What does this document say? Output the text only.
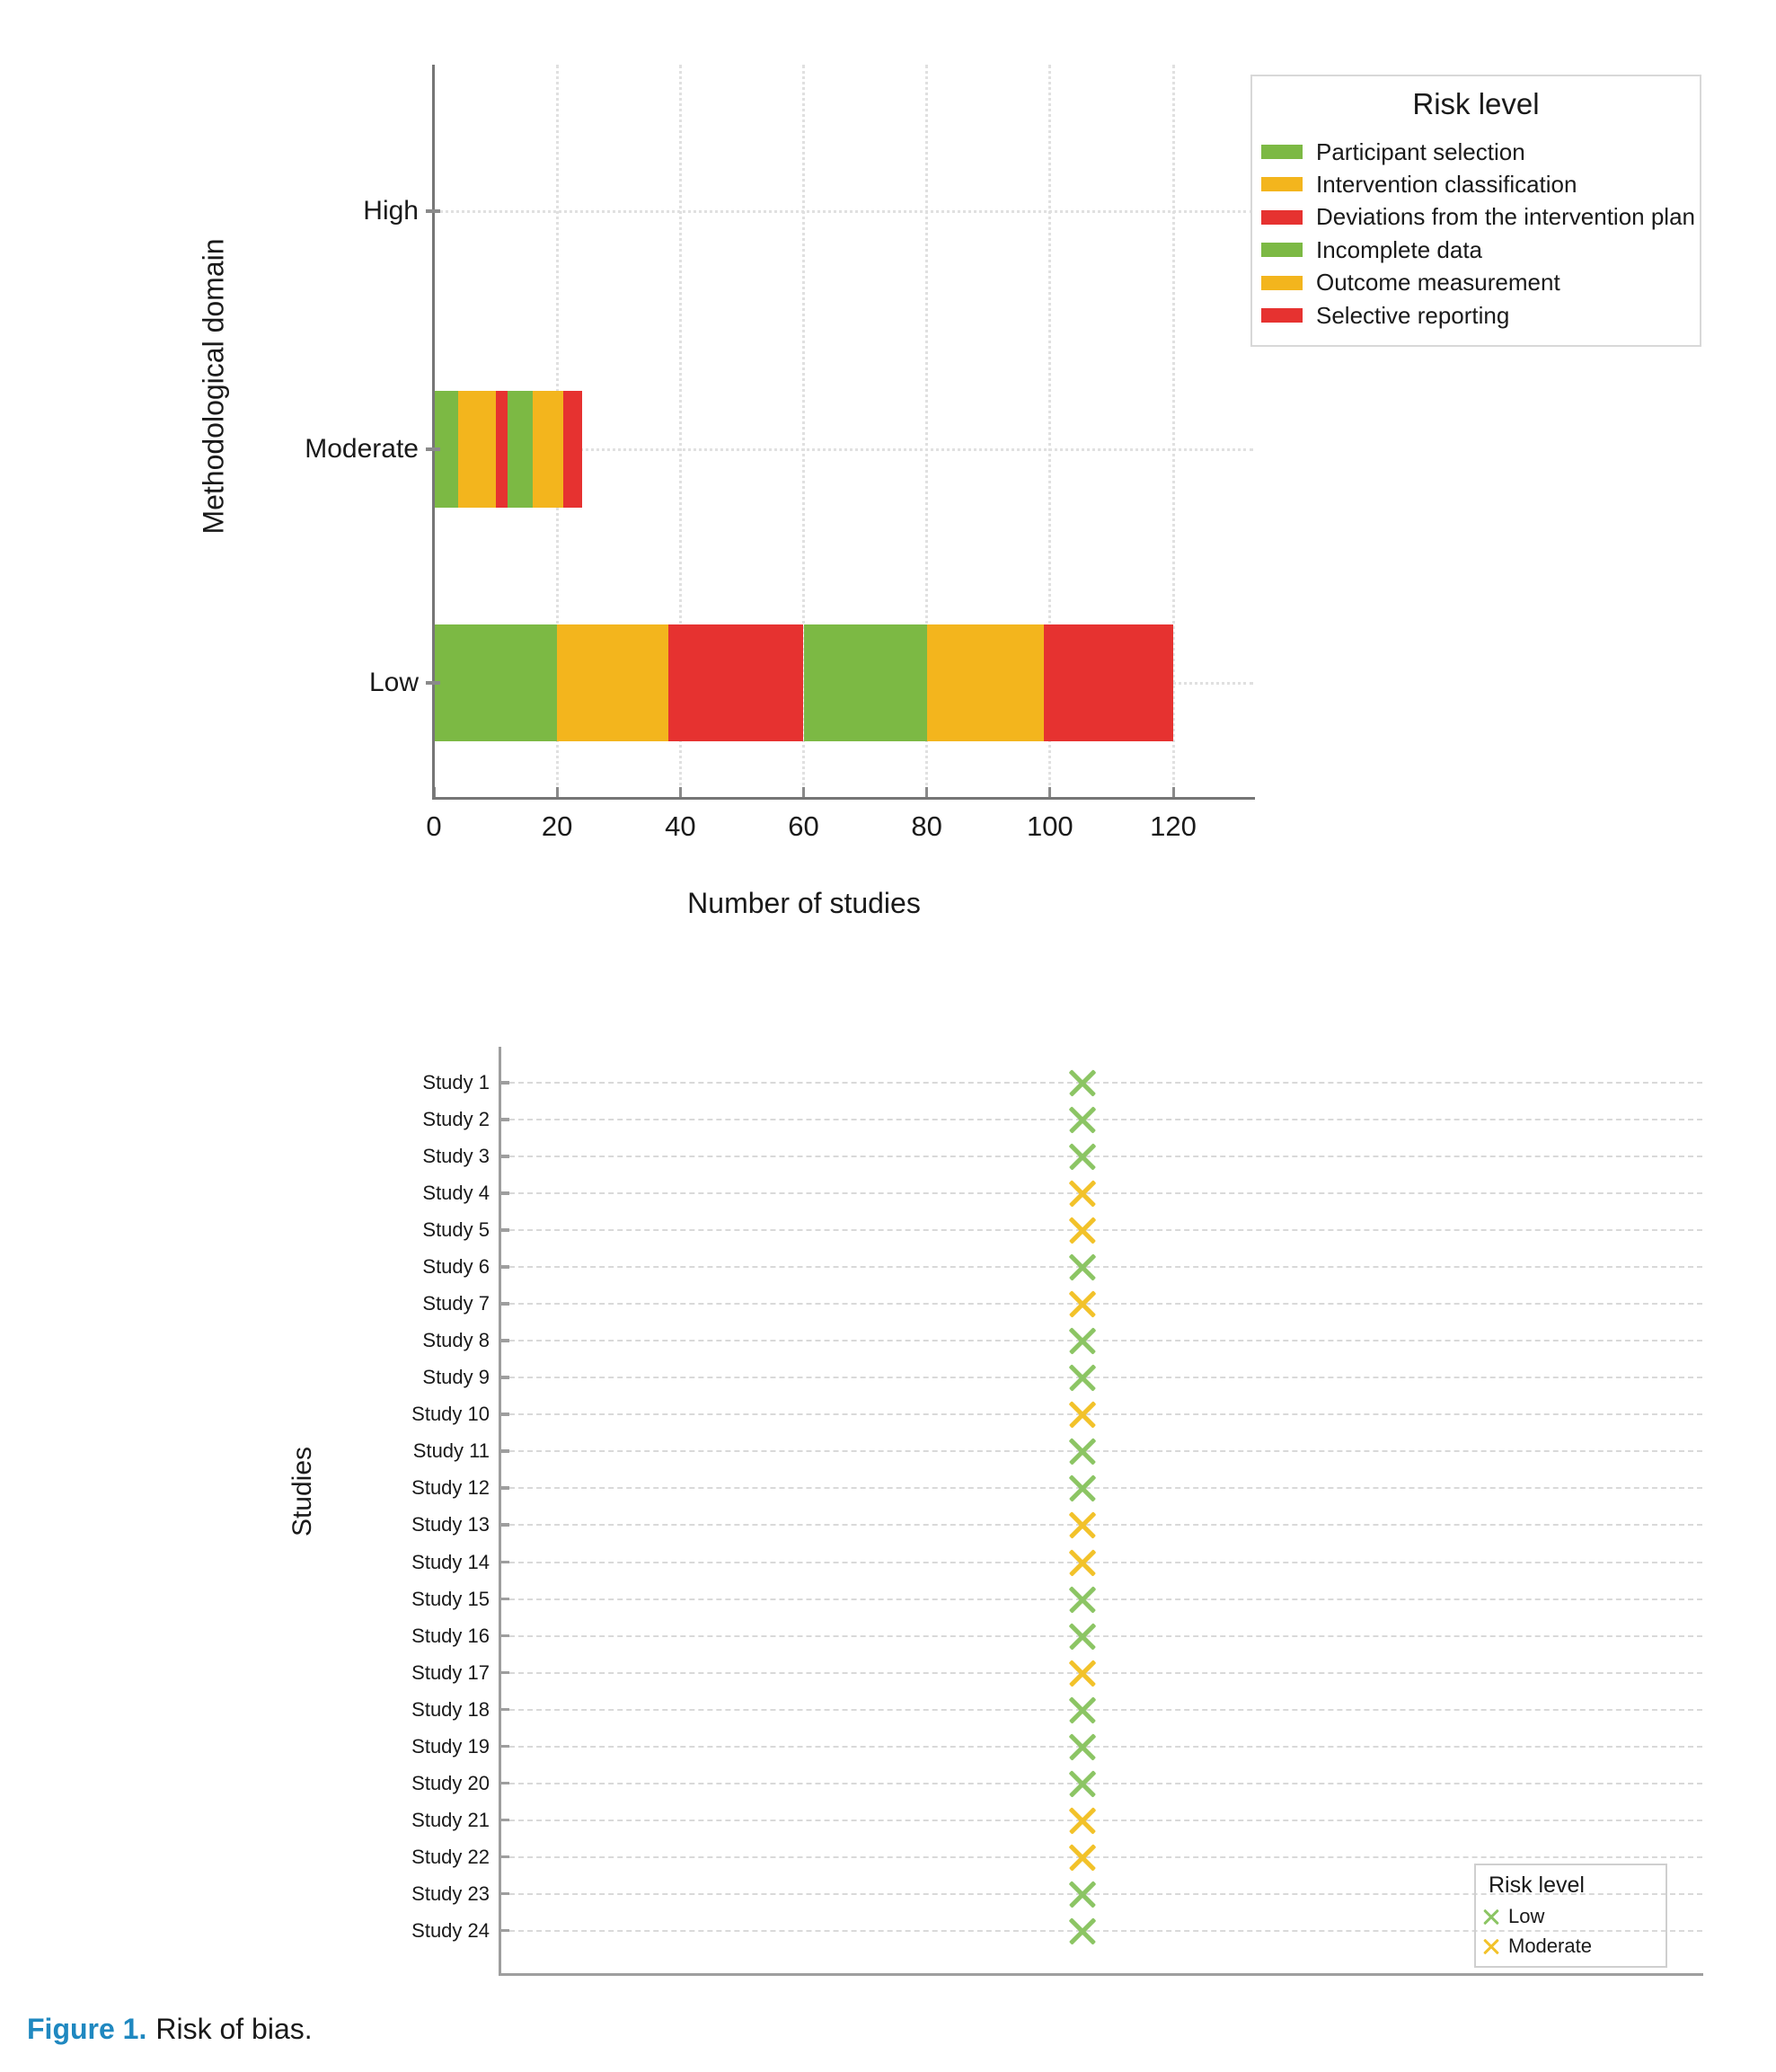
Methodological domain
Number of studies
Risk level
Participant selection
Intervention classification
Deviations from the intervention plan
Incomplete data
Outcome measurement
Selective reporting
0	20	40	60	80	100	120
High
Moderate
Low
Studies
Risk level
Low
Moderate
Study 1
Study 2
Study 3
Study 4
Study 5
Study 6
Study 7
Study 8
Study 9
Study 10
Study 11
Study 12
Study 13
Study 14
Study 15
Study 16
Study 17
Study 18
Study 19
Study 20
Study 21
Study 22
Study 23
Study 24
Figure 1. Risk of bias.
